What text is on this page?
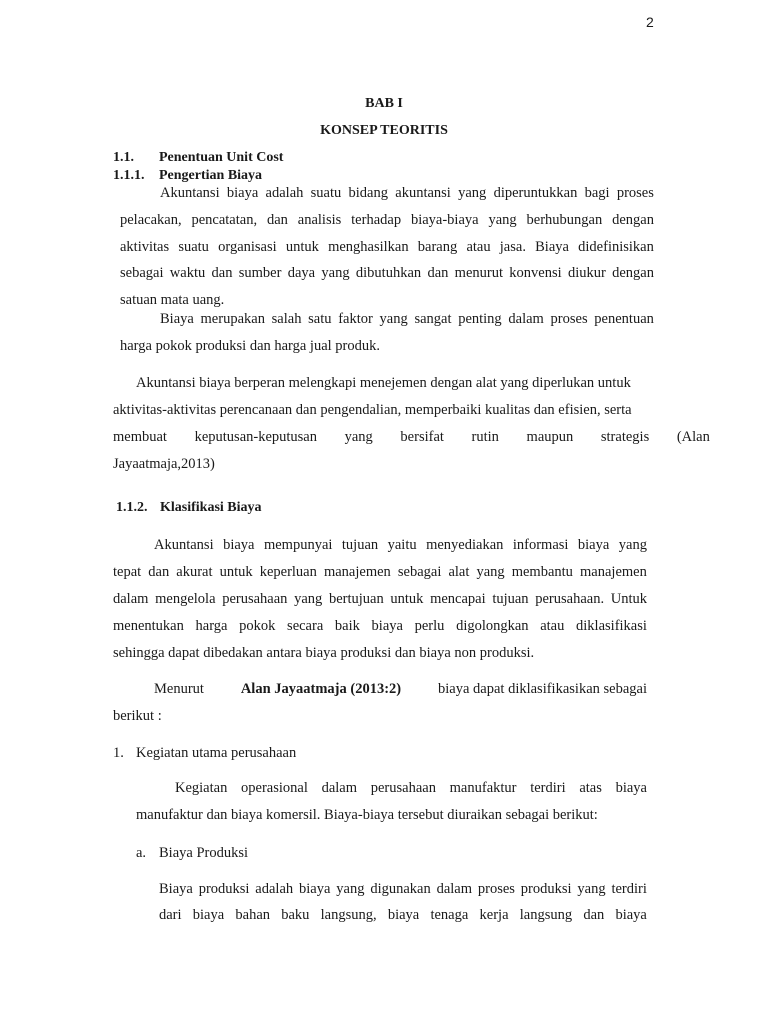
2
BAB I
KONSEP TEORITIS
1.1. Penentuan Unit Cost
1.1.1. Pengertian Biaya
Akuntansi biaya adalah suatu bidang akuntansi yang diperuntukkan bagi proses
pelacakan, pencatatan, dan analisis terhadap biaya-biaya yang berhubungan dengan
aktivitas suatu organisasi untuk menghasilkan barang atau jasa. Biaya didefinisikan
sebagai waktu dan sumber daya yang dibutuhkan dan menurut konvensi diukur dengan
satuan mata uang.
Biaya merupakan salah satu faktor yang sangat penting dalam proses penentuan
harga pokok produksi dan harga jual produk.
Akuntansi biaya berperan melengkapi menejemen dengan alat yang diperlukan untuk
aktivitas-aktivitas perencanaan dan pengendalian, memperbaiki kualitas dan efisien, serta
membuat keputusan-keputusan yang bersifat rutin maupun strategis (Alan
Jayaatmaja,2013)
1.1.2. Klasifikasi Biaya
Akuntansi biaya mempunyai tujuan yaitu menyediakan informasi biaya yang
tepat dan akurat untuk keperluan manajemen sebagai alat yang membantu manajemen
dalam mengelola perusahaan yang bertujuan untuk mencapai tujuan perusahaan. Untuk
menentukan harga pokok secara baik biaya perlu digolongkan atau diklasifikasi
sehingga dapat dibedakan antara biaya produksi dan biaya non produksi.
Menurut	Alan Jayaatmaja (2013:2)	biaya dapat diklasifikasikan sebagai
berikut :
1. Kegiatan utama perusahaan
Kegiatan operasional dalam perusahaan manufaktur terdiri atas biaya
manufaktur dan biaya komersil. Biaya-biaya tersebut diuraikan sebagai berikut:
a. Biaya Produksi
Biaya produksi adalah biaya yang digunakan dalam proses produksi yang terdiri
dari biaya bahan baku langsung, biaya tenaga kerja langsung dan biaya
